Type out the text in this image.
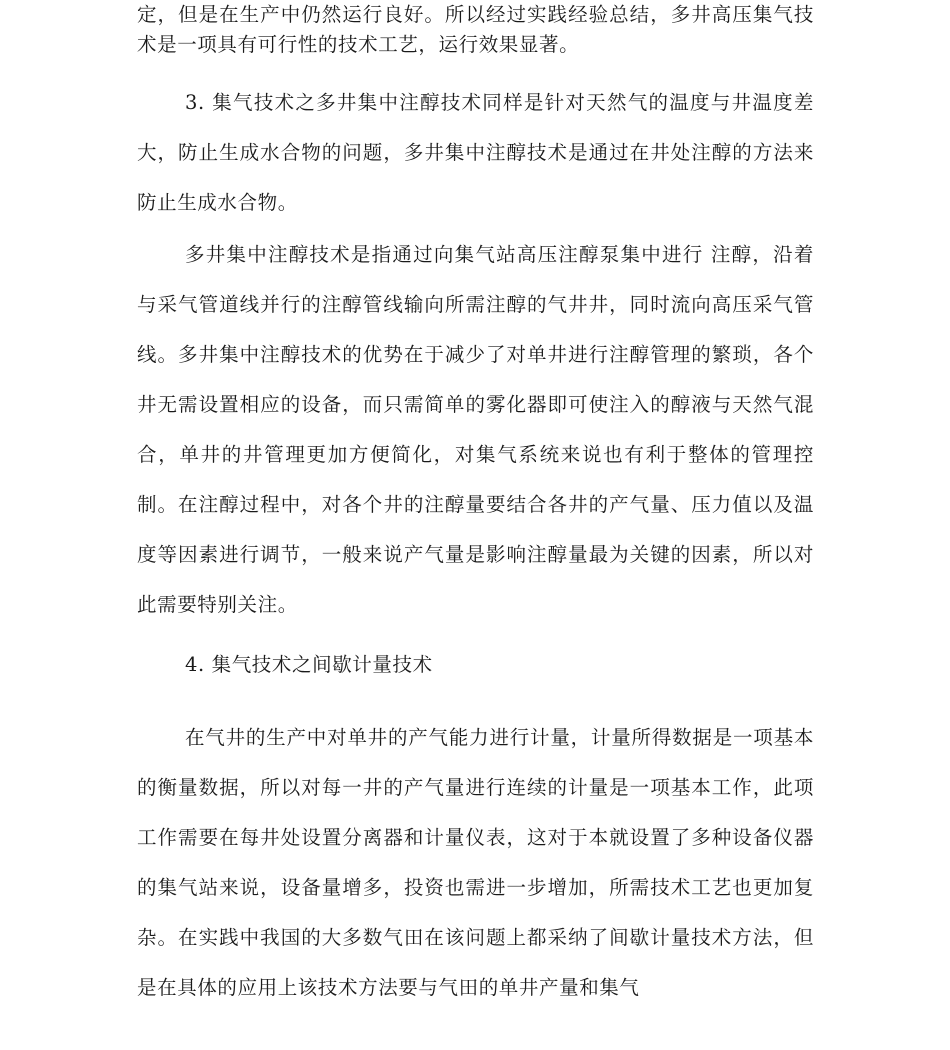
定，但是在生产中仍然运行良好。所以经过实践经验总结，多井高压集气技术是一项具有可行性的技术工艺，运行效果显著。

3. 集气技术之多井集中注醇技术同样是针对天然气的温度与井温度差大，防止生成水合物的问题，多井集中注醇技术是通过在井处注醇的方法来防止生成水合物。

多井集中注醇技术是指通过向集气站高压注醇泵集中进行 注醇，沿着与采气管道线并行的注醇管线输向所需注醇的气井井，同时流向高压采气管线。多井集中注醇技术的优势在于减少了对单井进行注醇管理的繁琐，各个井无需设置相应的设备，而只需简单的雾化器即可使注入的醇液与天然气混合，单井的井管理更加方便简化，对集气系统来说也有利于整体的管理控制。在注醇过程中，对各个井的注醇量要结合各井的产气量、压力值以及温度等因素进行调节，一般来说产气量是影响注醇量最为关键的因素，所以对此需要特别关注。

4. 集气技术之间歇计量技术

在气井的生产中对单井的产气能力进行计量，计量所得数据是一项基本的衡量数据，所以对每一井的产气量进行连续的计量是一项基本工作，此项工作需要在每井处设置分离器和计量仪表，这对于本就设置了多种设备仪器的集气站来说，设备量增多，投资也需进一步增加，所需技术工艺也更加复杂。在实践中我国的大多数气田在该问题上都采纳了间歇计量技术方法，但是在具体的应用上该技术方法要与气田的单井产量和集气
